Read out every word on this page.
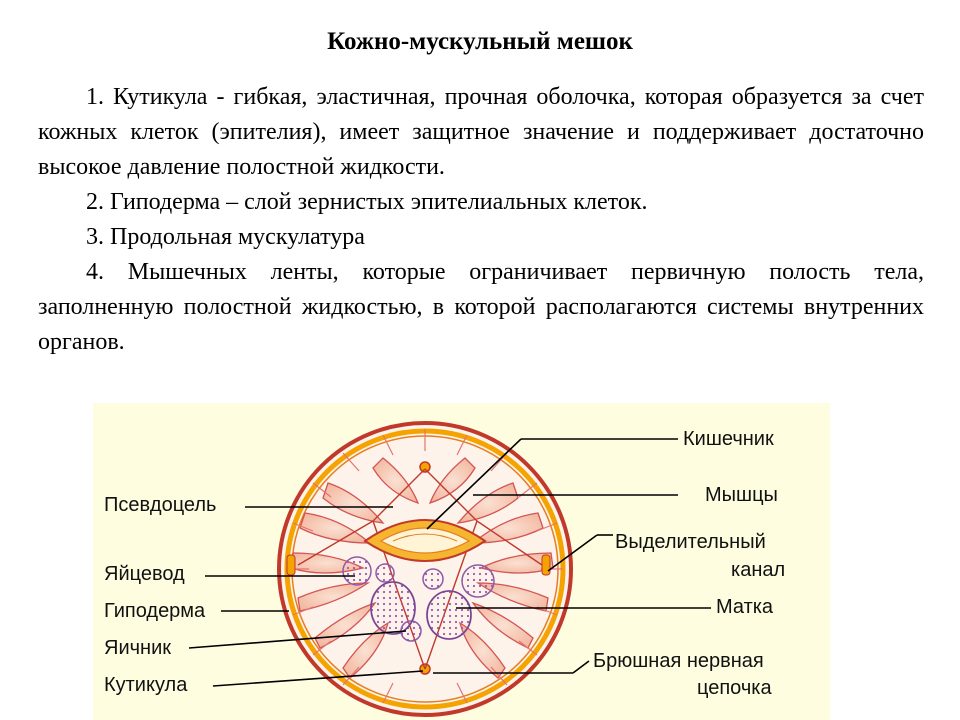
Кожно-мускульный мешок

1. Кутикула - гибкая, эластичная, прочная оболочка, которая образуется за счет кожных клеток (эпителия), имеет защитное значение и поддерживает достаточно высокое давление полостной жидкости.

2. Гиподерма – слой зернистых эпителиальных клеток.

3. Продольная мускулатура

4. Мышечных ленты, которые ограничивает первичную полость тела, заполненную полостной жидкостью, в которой располагаются системы внутренних органов.

Псевдоцель
Яйцевод
Гиподерма
Яичник
Кутикула
Кишечник
Мышцы
Выделительный
канал
Матка
Брюшная нервная
цепочка
